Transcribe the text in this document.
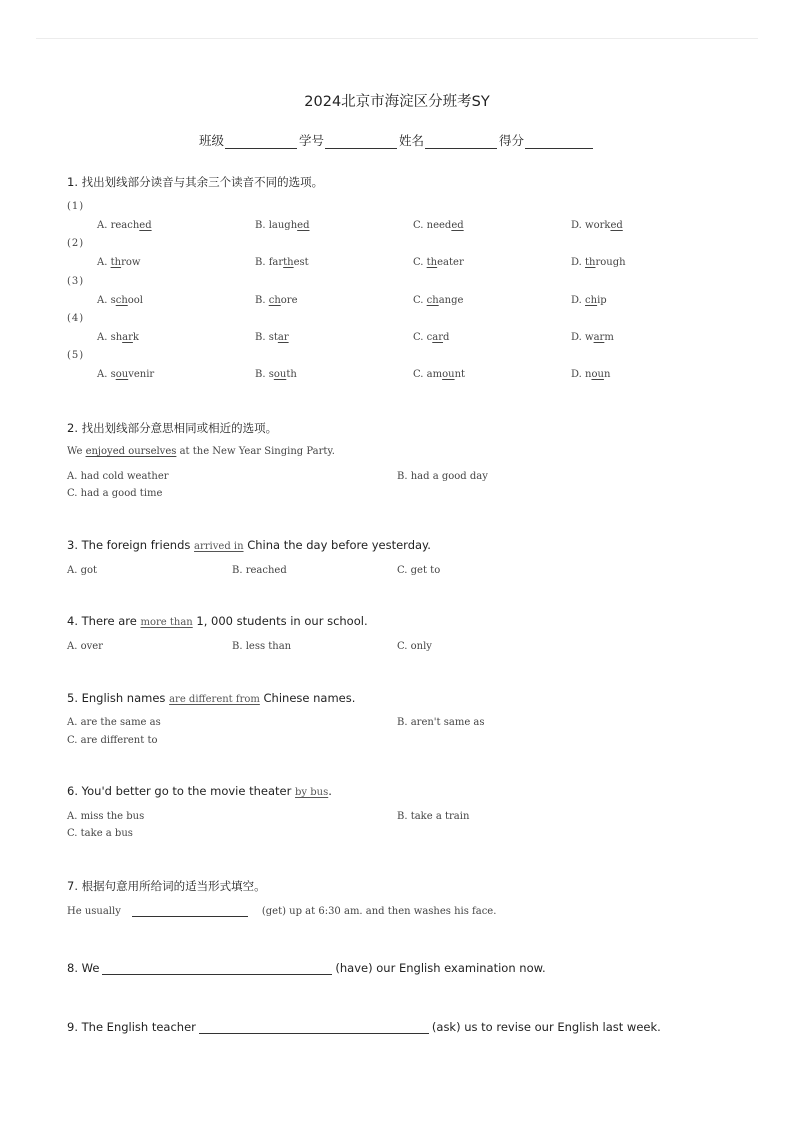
2024北京市海淀区分班考SY
班级	学号	姓名	得分
1. 找出划线部分读音与其余三个读音不同的选项。
(1)
A. reached	B. laughed	C. needed	D. worked
(2)
A. throw	B. farthest	C. theater	D. through
(3)
A. school	B. chore	C. change	D. chip
(4)
A. shark	B. star	C. card	D. warm
(5)
A. souvenir	B. south	C. amount	D. noun
2. 找出划线部分意思相同或相近的选项。
We enjoyed ourselves at the New Year Singing Party.
A. had cold weather	B. had a good day
C. had a good time
3. The foreign friends arrived in China the day before yesterday.
A. got	B. reached	C. get to
4. There are more than 1, 000 students in our school.
A. over	B. less than	C. only
5. English names are different from Chinese names.
A. are the same as	B. aren't same as
C. are different to
6. You'd better go to the movie theater by bus.
A. miss the bus	B. take a train
C. take a bus
7. 根据句意用所给词的适当形式填空。
He usually	(get) up at 6:30 am. and then washes his face.
8. We	(have) our English examination now.
9. The English teacher	(ask) us to revise our English last week.
